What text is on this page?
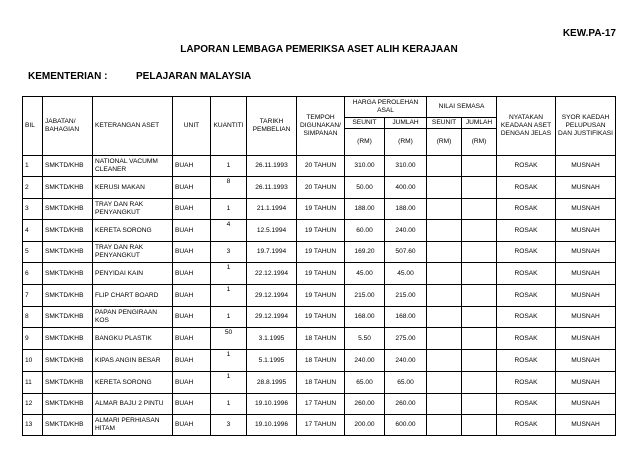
KEW.PA-17
LAPORAN LEMBAGA PEMERIKSA ASET ALIH KERAJAAN
KEMENTERIAN :	PELAJARAN MALAYSIA
BIL	JABATAN/ BAHAGIAN	KETERANGAN ASET	UNIT	KUANTITI	TARIKH PEMBELIAN	TEMPOH DIGUNAKAN/ SIMPANAN	HARGA PEROLEHAN ASAL		NILAI SEMASA		NYATAKAN KEADAAN ASET DENGAN JELAS	SYOR KAEDAH PELUPUSAN DAN JUSTIFIKASI
							SEUNIT	JUMLAH	SEUNIT	JUMLAH		
							(RM)	(RM)	(RM)	(RM)		
1	SMKTD/KHB	NATIONAL VACUMM CLEANER	BUAH	1	26.11.1993	20 TAHUN	310.00	310.00			ROSAK	MUSNAH
2	SMKTD/KHB	KERUSI MAKAN	BUAH	8	26.11.1993	20 TAHUN	50.00	400.00			ROSAK	MUSNAH
3	SMKTD/KHB	TRAY DAN RAK PENYANGKUT	BUAH	1	21.1.1994	19 TAHUN	188.00	188.00			ROSAK	MUSNAH
4	SMKTD/KHB	KERETA SORONG	BUAH	4	12.5.1994	19 TAHUN	60.00	240.00			ROSAK	MUSNAH
5	SMKTD/KHB	TRAY DAN RAK PENYANGKUT	BUAH	3	19.7.1994	19 TAHUN	169.20	507.60			ROSAK	MUSNAH
6	SMKTD/KHB	PENYIDAI KAIN	BUAH	1	22.12.1994	19 TAHUN	45.00	45.00			ROSAK	MUSNAH
7	SMKTD/KHB	FLIP CHART BOARD	BUAH	1	29.12.1994	19 TAHUN	215.00	215.00			ROSAK	MUSNAH
8	SMKTD/KHB	PAPAN PENGIRAAN KOS	BUAH	1	29.12.1994	19 TAHUN	168.00	168.00			ROSAK	MUSNAH
9	SMKTD/KHB	BANGKU PLASTIK	BUAH	50	3.1.1995	18 TAHUN	5.50	275.00			ROSAK	MUSNAH
10	SMKTD/KHB	KIPAS ANGIN BESAR	BUAH	1	5.1.1995	18 TAHUN	240.00	240.00			ROSAK	MUSNAH
11	SMKTD/KHB	KERETA SORONG	BUAH	1	28.8.1995	18 TAHUN	65.00	65.00			ROSAK	MUSNAH
12	SMKTD/KHB	ALMAR BAJU 2 PINTU	BUAH	1	19.10.1996	17 TAHUN	260.00	260.00			ROSAK	MUSNAH
13	SMKTD/KHB	ALMARI PERHIASAN HITAM	BUAH	3	19.10.1996	17 TAHUN	200.00	600.00			ROSAK	MUSNAH
